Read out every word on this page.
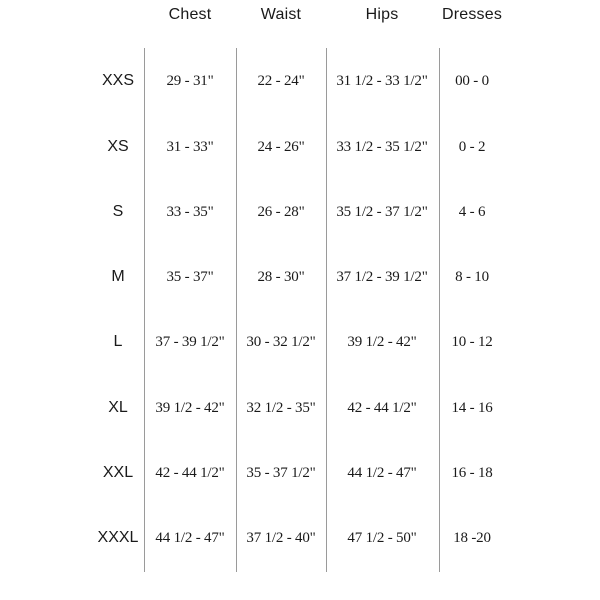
Chest	Waist	Hips	Dresses
XXS 29 - 31"	22 - 24" 31 1/2 - 33 1/2" 00 - 0
XS	31 - 33"	24 - 26" 33 1/2 - 35 1/2" 0 - 2
S	33 - 35"	26 - 28" 35 1/2 - 37 1/2" 4 - 6
M	35 - 37"	28 - 30" 37 1/2 - 39 1/2" 8 - 10
L 37 - 39 1/2" 30 - 32 1/2" 39 1/2 - 42" 10 - 12
XL 39 1/2 - 42" 32 1/2 - 35" 42 - 44 1/2" 14 - 16
XXL 42 - 44 1/2" 35 - 37 1/2" 44 1/2 - 47" 16 - 18
XXXL 44 1/2 - 47" 37 1/2 - 40" 47 1/2 - 50" 18 -20
